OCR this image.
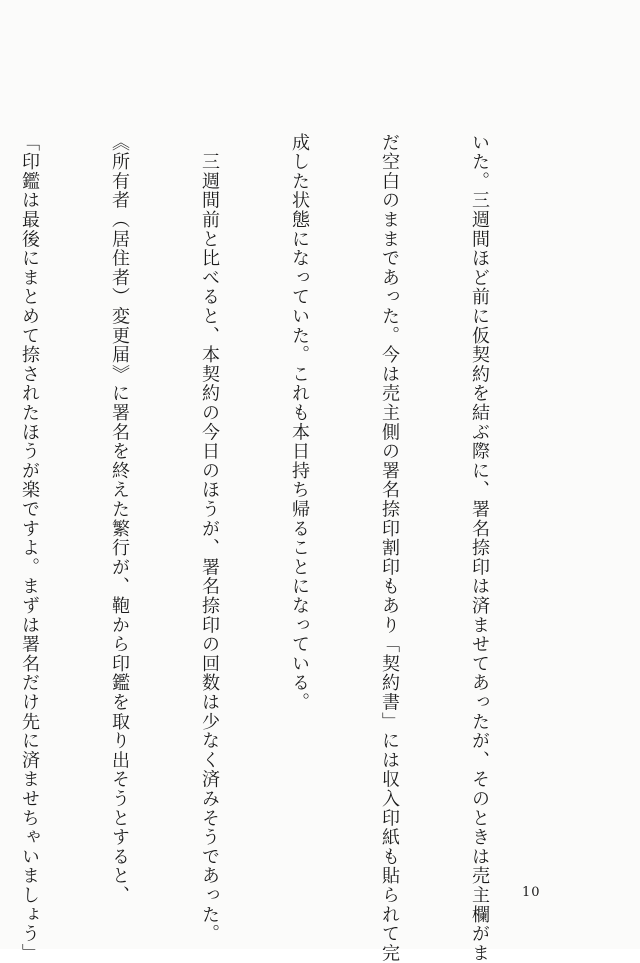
いた。三週間ほど前に仮契約を結ぶ際に、署名捺印は済ませてあったが、そのときは売主欄がま

だ空白のままであった。今は売主側の署名捺印割印もあり「契約書」には収入印紙も貼られて完

成した状態になっていた。これも本日持ち帰ることになっている。

　三週間前と比べると、本契約の今日のほうが、署名捺印の回数は少なく済みそうであった。

《所有者（居住者）変更届》に署名を終えた繁行が、鞄から印鑑を取り出そうとすると、

「印鑑は最後にまとめて捺されたほうが楽ですよ。まずは署名だけ先に済ませちゃいましょう」

	10
